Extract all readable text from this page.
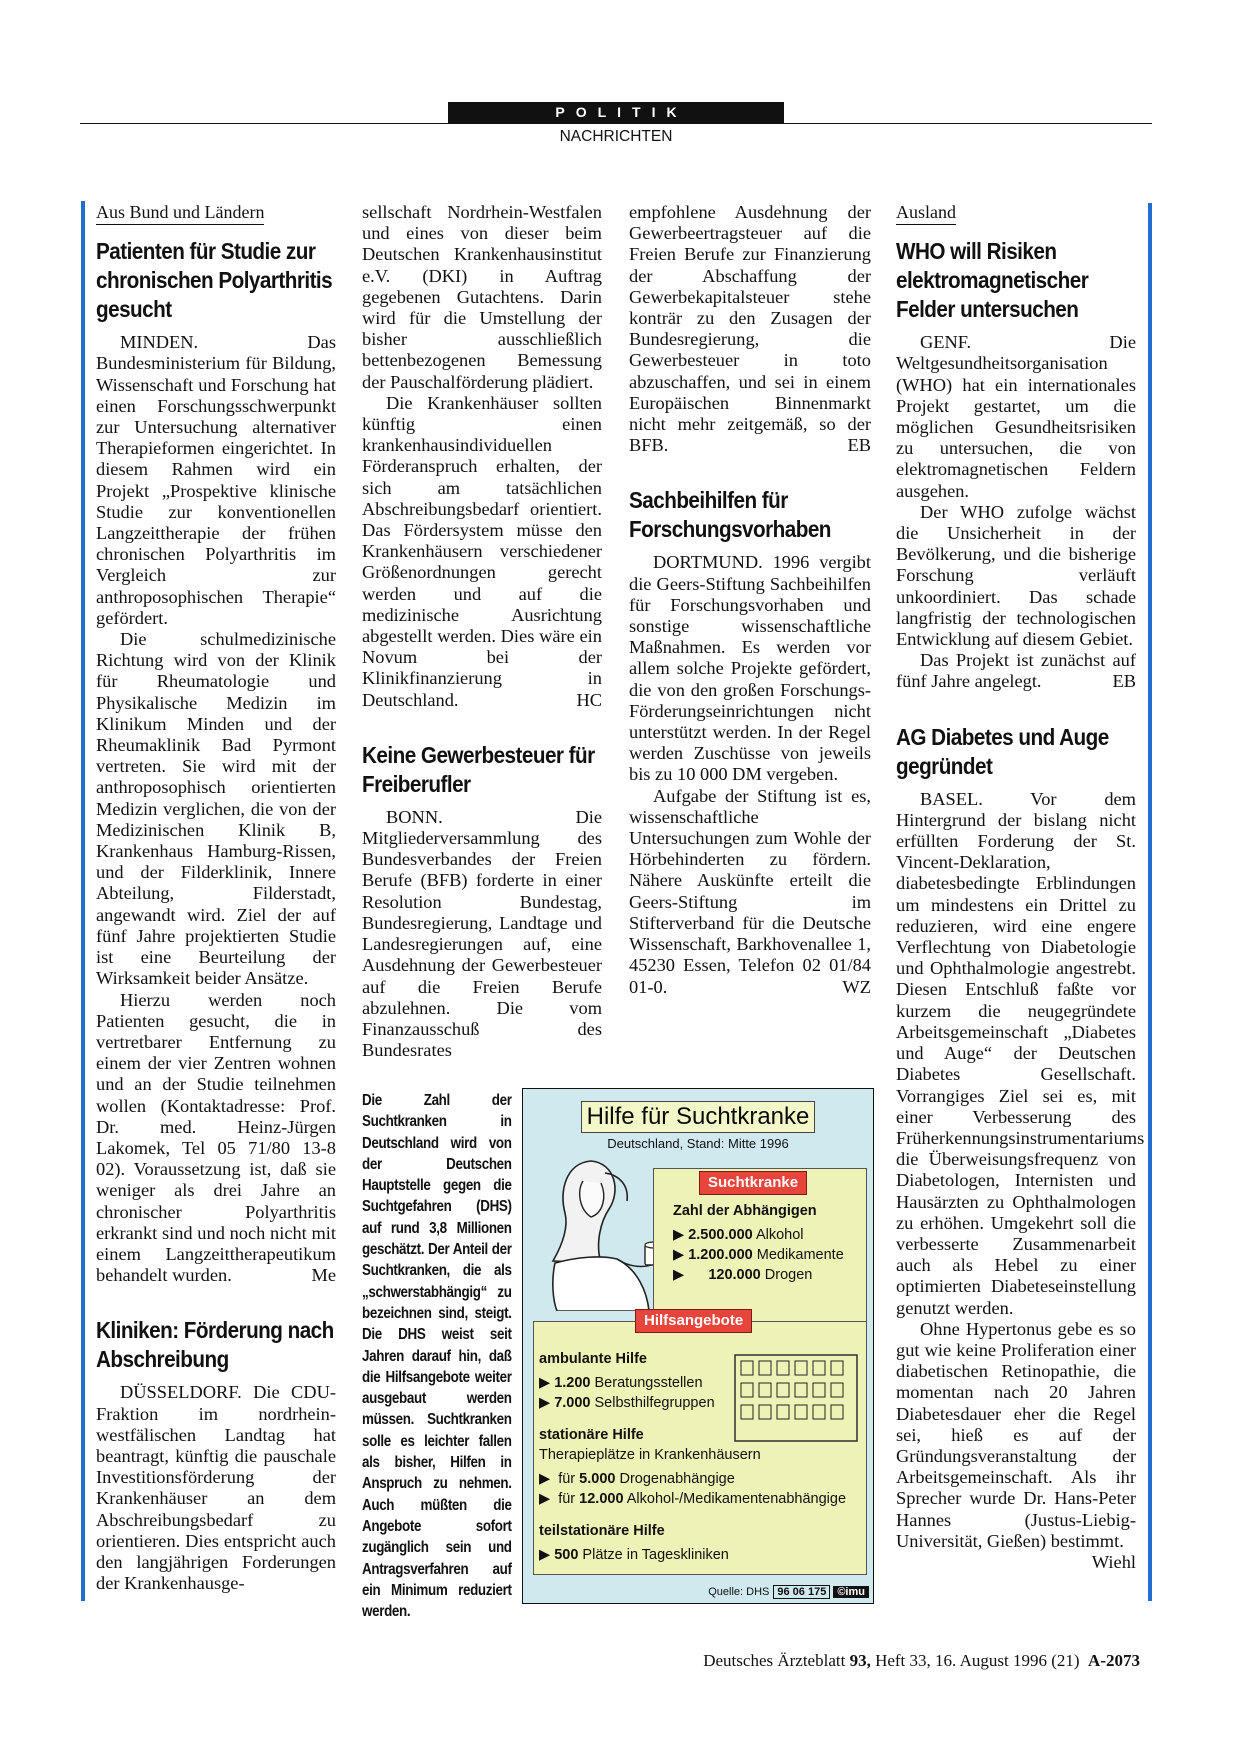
POLITIK
NACHRICHTEN
Aus Bund und Ländern
Patienten für Studie zur chronischen Polyarthritis gesucht

MINDEN. Das Bundesministerium für Bildung, Wissenschaft und Forschung hat einen Forschungsschwerpunkt zur Untersuchung alternativer Therapieformen eingerichtet. In diesem Rahmen wird ein Projekt „Prospektive klinische Studie zur konventionellen Langzeittherapie der frühen chronischen Polyarthritis im Vergleich zur anthroposophischen Therapie“ gefördert.

Die schulmedizinische Richtung wird von der Klinik für Rheumatologie und Physikalische Medizin im Klinikum Minden und der Rheumaklinik Bad Pyrmont vertreten. Sie wird mit der anthroposophisch orientierten Medizin verglichen, die von der Medizinischen Klinik B, Krankenhaus Hamburg-Rissen, und der Filderklinik, Innere Abteilung, Filderstadt, angewandt wird. Ziel der auf fünf Jahre projektierten Studie ist eine Beurteilung der Wirksamkeit beider Ansätze.

Hierzu werden noch Patienten gesucht, die in vertretbarer Entfernung zu einem der vier Zentren wohnen und an der Studie teilnehmen wollen (Kontaktadresse: Prof. Dr. med. Heinz-Jürgen Lakomek, Tel 05 71/80 13-8 02). Voraussetzung ist, daß sie weniger als drei Jahre an chronischer Polyarthritis erkrankt sind und noch nicht mit einem Langzeittherapeutikum behandelt wurden.	Me

Kliniken: Förderung nach Abschreibung

DÜSSELDORF. Die CDU-Fraktion im nordrhein-westfälischen Landtag hat beantragt, künftig die pauschale Investitionsförderung der Krankenhäuser an dem Abschreibungsbedarf zu orientieren. Dies entspricht auch den langjährigen Forderungen der Krankenhausge-

sellschaft Nordrhein-Westfalen und eines von dieser beim Deutschen Krankenhausinstitut e.V. (DKI) in Auftrag gegebenen Gutachtens. Darin wird für die Umstellung der bisher ausschließlich bettenbezogenen Bemessung der Pauschalförderung plädiert.

Die Krankenhäuser sollten künftig einen krankenhausindividuellen Förderanspruch erhalten, der sich am tatsächlichen Abschreibungsbedarf orientiert. Das Fördersystem müsse den Krankenhäusern verschiedener Größenordnungen gerecht werden und auf die medizinische Ausrichtung abgestellt werden. Dies wäre ein Novum bei der Klinikfinanzierung in Deutschland.	HC

Keine Gewerbesteuer für Freiberufler

BONN. Die Mitgliederversammlung des Bundesverbandes der Freien Berufe (BFB) forderte in einer Resolution Bundestag, Bundesregierung, Landtage und Landesregierungen auf, eine Ausdehnung der Gewerbesteuer auf die Freien Berufe abzulehnen. Die vom Finanzausschuß des Bundesrates

empfohlene Ausdehnung der Gewerbeertragsteuer auf die Freien Berufe zur Finanzierung der Abschaffung der Gewerbekapitalsteuer stehe konträr zu den Zusagen der Bundesregierung, die Gewerbesteuer in toto abzuschaffen, und sei in einem Europäischen Binnenmarkt nicht mehr zeitgemäß, so der BFB.	EB

Sachbeihilfen für Forschungsvorhaben

DORTMUND. 1996 vergibt die Geers-Stiftung Sachbeihilfen für Forschungsvorhaben und sonstige wissenschaftliche Maßnahmen. Es werden vor allem solche Projekte gefördert, die von den großen Forschungs-Förderungseinrichtungen nicht unterstützt werden. In der Regel werden Zuschüsse von jeweils bis zu 10 000 DM vergeben.

Aufgabe der Stiftung ist es, wissenschaftliche Untersuchungen zum Wohle der Hörbehinderten zu fördern. Nähere Auskünfte erteilt die Geers-Stiftung im Stifterverband für die Deutsche Wissenschaft, Barkhovenallee 1, 45230 Essen, Telefon 02 01/84 01-0.	WZ

Ausland
WHO will Risiken elektromagnetischer Felder untersuchen

GENF. Die Weltgesundheitsorganisation (WHO) hat ein internationales Projekt gestartet, um die möglichen Gesundheitsrisiken zu untersuchen, die von elektromagnetischen Feldern ausgehen.

Der WHO zufolge wächst die Unsicherheit in der Bevölkerung, und die bisherige Forschung verläuft unkoordiniert. Das schade langfristig der technologischen Entwicklung auf diesem Gebiet.

Das Projekt ist zunächst auf fünf Jahre angelegt.	EB

AG Diabetes und Auge gegründet

BASEL. Vor dem Hintergrund der bislang nicht erfüllten Forderung der St. Vincent-Deklaration, diabetesbedingte Erblindungen um mindestens ein Drittel zu reduzieren, wird eine engere Verflechtung von Diabetologie und Ophthalmologie angestrebt. Diesen Entschluß faßte vor kurzem die neugegründete Arbeitsgemeinschaft „Diabetes und Auge“ der Deutschen Diabetes Gesellschaft. Vorrangiges Ziel sei es, mit einer Verbesserung des Früherkennungsinstrumentariums die Überweisungsfrequenz von Diabetologen, Internisten und Hausärzten zu Ophthalmologen zu erhöhen. Umgekehrt soll die verbesserte Zusammenarbeit auch als Hebel zu einer optimierten Diabeteseinstellung genutzt werden.

Ohne Hypertonus gebe es so gut wie keine Proliferation einer diabetischen Retinopathie, die momentan nach 20 Jahren Diabetesdauer eher die Regel sei, hieß es auf der Gründungsveranstaltung der Arbeitsgemeinschaft. Als ihr Sprecher wurde Dr. Hans-Peter Hannes (Justus-Liebig-Universität, Gießen) bestimmt.
Wiehl

Die Zahl der Suchtkranken in Deutschland wird von der Deutschen Hauptstelle gegen die Suchtgefahren (DHS) auf rund 3,8 Millionen geschätzt. Der Anteil der Suchtkranken, die als „schwerstabhängig“ zu bezeichnen sind, steigt. Die DHS weist seit Jahren darauf hin, daß die Hilfsangebote weiter ausgebaut werden müssen. Suchtkranken solle es leichter fallen als bisher, Hilfen in Anspruch zu nehmen. Auch müßten die Angebote sofort zugänglich sein und Antragsverfahren auf ein Minimum reduziert werden.
Hilfe für Suchtkranke
Deutschland, Stand: Mitte 1996
Suchtkranke
Zahl der Abhängigen
▶ 2.500.000 Alkohol
▶ 1.200.000 Medikamente
▶      120.000 Drogen
Hilfsangebote
ambulante Hilfe
▶ 1.200 Beratungsstellen
▶ 7.000 Selbsthilfegruppen
stationäre Hilfe
Therapieplätze in Krankenhäusern
▶  für 5.000 Drogenabhängige
▶  für 12.000 Alkohol-/Medikamentenabhängige
teilstationäre Hilfe
▶ 500 Plätze in Tageskliniken
Quelle: DHS 96 06 175 ©imu
Deutsches Ärzteblatt 93, Heft 33, 16. August 1996 (21) A-2073
